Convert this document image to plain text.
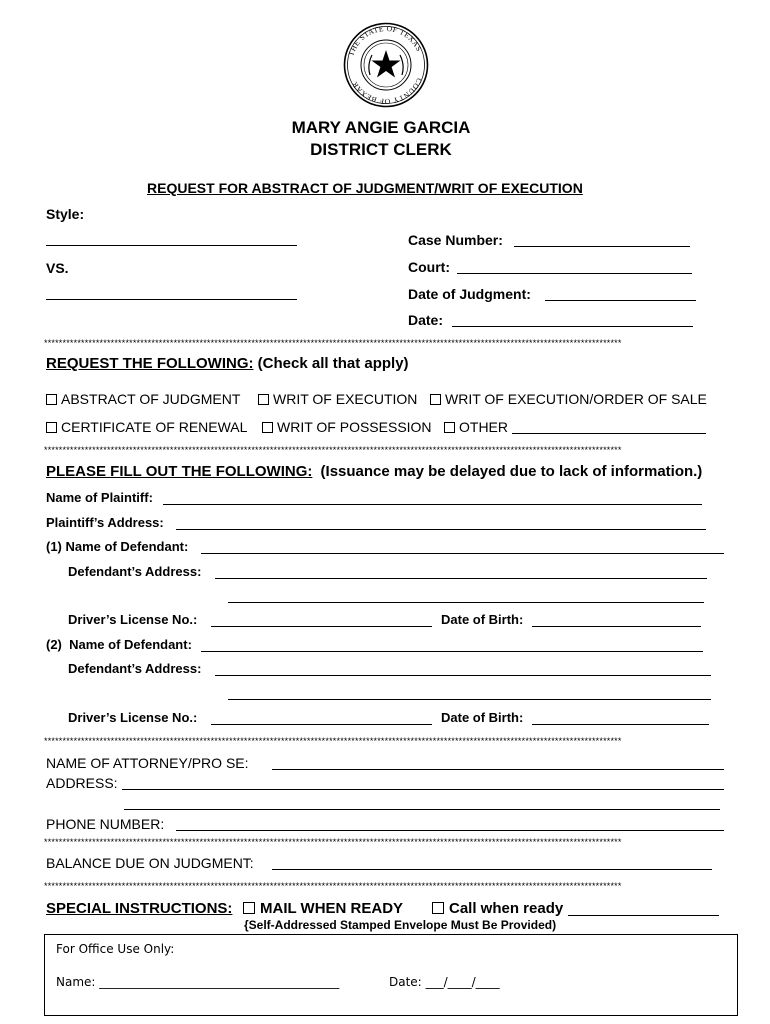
THE STATE OF TEXAS
COUNTY OF BEXAR
MARY ANGIE GARCIA
DISTRICT CLERK
REQUEST FOR ABSTRACT OF JUDGMENT/WRIT OF EXECUTION
Style:
VS.
Case Number:
Court:
Date of Judgment:
Date:
************************************************************************************************************************************************************
REQUEST THE FOLLOWING: (Check all that apply)
ABSTRACT OF JUDGMENT	WRIT OF EXECUTION	WRIT OF EXECUTION/ORDER OF SALE
CERTIFICATE OF RENEWAL	WRIT OF POSSESSION	OTHER
************************************************************************************************************************************************************
PLEASE FILL OUT THE FOLLOWING: (Issuance may be delayed due to lack of information.)
Name of Plaintiff:
Plaintiff’s Address:
(1) Name of Defendant:
Defendant’s Address:
Driver’s License No.:	Date of Birth:
(2)  Name of Defendant:
Defendant’s Address:
Driver’s License No.:	Date of Birth:
************************************************************************************************************************************************************
NAME OF ATTORNEY/PRO SE:
ADDRESS:
PHONE NUMBER:
************************************************************************************************************************************************************
BALANCE DUE ON JUDGMENT:
************************************************************************************************************************************************************
SPECIAL INSTRUCTIONS:	MAIL WHEN READY	Call when ready
{Self-Addressed Stamped Envelope Must Be Provided)
For Office Use Only:
Name: ________________________________________	Date: ___/____/____
